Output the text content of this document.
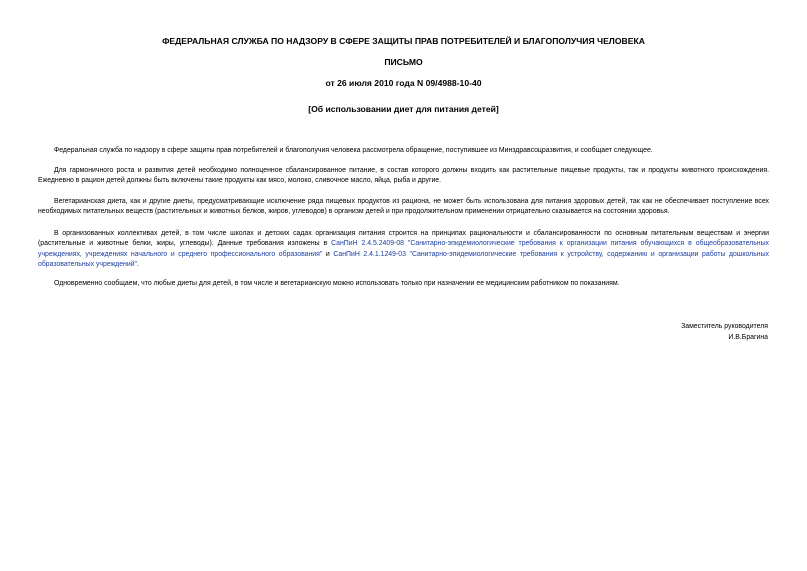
ФЕДЕРАЛЬНАЯ СЛУЖБА ПО НАДЗОРУ В СФЕРЕ ЗАЩИТЫ ПРАВ ПОТРЕБИТЕЛЕЙ И БЛАГОПОЛУЧИЯ ЧЕЛОВЕКА
ПИСЬМО
от 26 июля 2010 года N 09/4988-10-40
[Об использовании диет для питания детей]

Федеральная служба по надзору в сфере защиты прав потребителей и благополучия человека рассмотрела обращение, поступившее из Минздравсоцразвития, и сообщает следующее.

Для гармоничного роста и развития детей необходимо полноценное сбалансированное питание, в состав которого должны входить как растительные пищевые продукты, так и продукты животного происхождения. Ежедневно в рацион детей должны быть включены такие продукты как мясо, молоко, сливочное масло, яйца, рыба и другие.

Вегетарианская диета, как и другие диеты, предусматривающие исключение ряда пищевых продуктов из рациона, не может быть использована для питания здоровых детей, так как не обеспечивает поступление всех необходимых питательных веществ (растительных и животных белков, жиров, углеводов) в организм детей и при продолжительном применении отрицательно сказывается на состоянии здоровья.

В организованных коллективах детей, в том числе школах и детских садах организация питания строится на принципах рациональности и сбалансированности по основным питательным веществам и энергии (растительные и животные белки, жиры, углеводы). Данные требования изложены в СанПиН 2.4.5.2409-08 "Санитарно-эпидемиологические требования к организации питания обучающихся в общеобразовательных учреждениях, учреждениях начального и среднего профессионального образования" и СанПиН 2.4.1.1249-03 "Санитарно-эпидемиологические требования к устройству, содержанию и организации работы дошкольных образовательных учреждений".

Одновременно сообщаем, что любые диеты для детей, в том числе и вегетарианскую можно использовать только при назначении ее медицинским работником по показаниям.

Заместитель руководителя
И.В.Брагина
